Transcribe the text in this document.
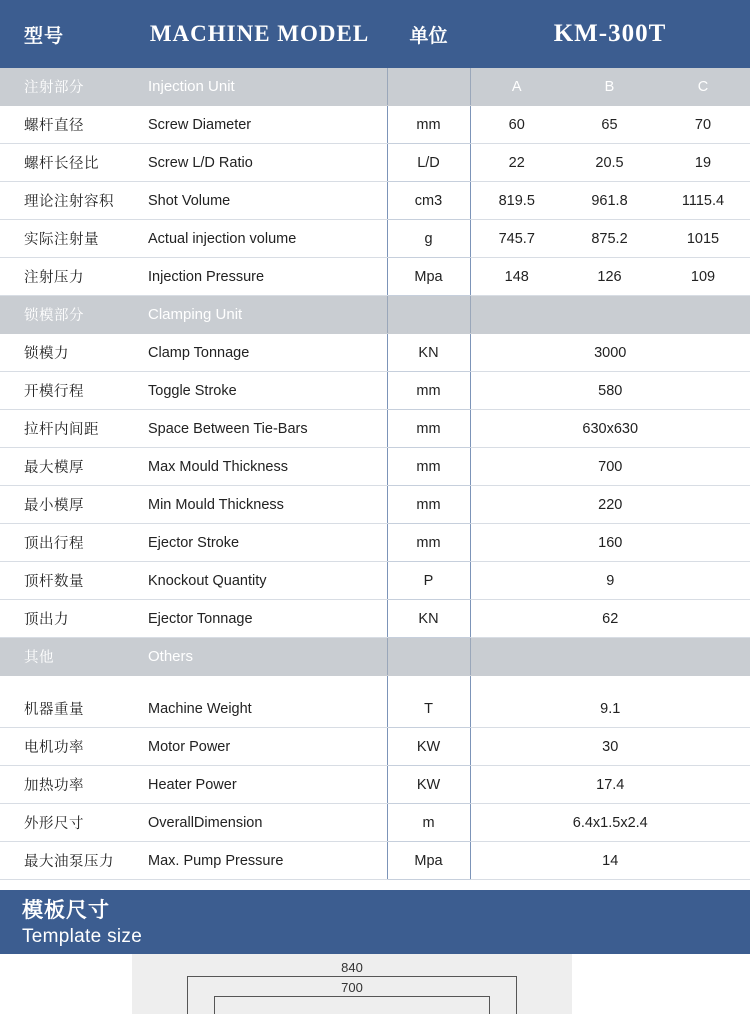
型号	MACHINE MODEL	单位	KM-300T
注射部分	Injection Unit		A	B	C
螺杆直径	Screw Diameter	mm	60	65	70
螺杆长径比	Screw L/D Ratio	L/D	22	20.5	19
理论注射容积	Shot Volume	cm3	819.5	961.8	1115.4
实际注射量	Actual injection volume	g	745.7	875.2	1015
注射压力	Injection Pressure	Mpa	148	126	109
锁模部分	Clamping Unit				
锁模力	Clamp Tonnage	KN	3000		
开模行程	Toggle Stroke	mm	580		
拉杆内间距	Space Between Tie-Bars	mm	630x630		
最大模厚	Max Mould Thickness	mm	700		
最小模厚	Min Mould Thickness	mm	220		
顶出行程	Ejector Stroke	mm	160		
顶杆数量	Knockout Quantity	P	9		
顶出力	Ejector Tonnage	KN	62		
其他	Others				

机器重量	Machine Weight	T	9.1		
电机功率	Motor Power	KW	30		
加热功率	Heater Power	KW	17.4		
外形尺寸	OverallDimension	m	6.4x1.5x2.4		
最大油泵压力	Max. Pump Pressure	Mpa	14		
模板尺寸
Template size
840
700
